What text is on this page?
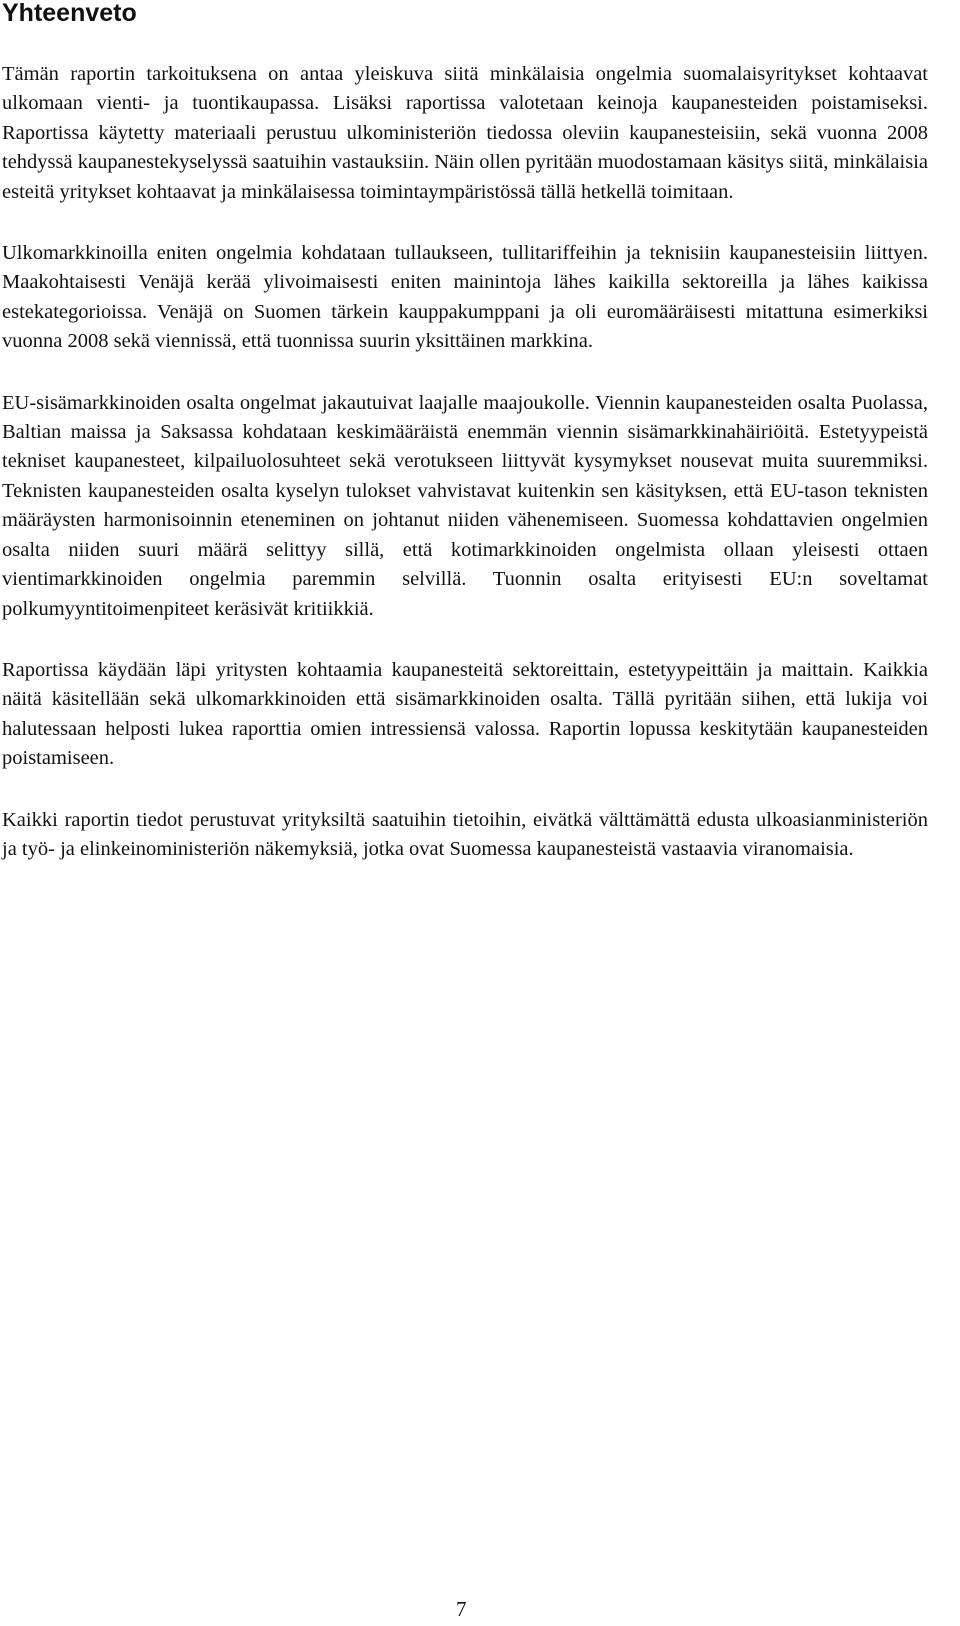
Yhteenveto

Tämän raportin tarkoituksena on antaa yleiskuva siitä minkälaisia ongelmia suomalaisyritykset kohtaavat ulkomaan vienti- ja tuontikaupassa. Lisäksi raportissa valotetaan keinoja kaupanesteiden poistamiseksi. Raportissa käytetty materiaali perustuu ulkoministeriön tiedossa oleviin kaupanesteisiin, sekä vuonna 2008 tehdyssä kaupanestekyselyssä saatuihin vastauksiin. Näin ollen pyritään muodostamaan käsitys siitä, minkälaisia esteitä yritykset kohtaavat ja minkälaisessa toimintaympäristössä tällä hetkellä toimitaan.

Ulkomarkkinoilla eniten ongelmia kohdataan tullaukseen, tullitariffeihin ja teknisiin kaupanesteisiin liittyen. Maakohtaisesti Venäjä kerää ylivoimaisesti eniten mainintoja lähes kaikilla sektoreilla ja lähes kaikissa estekategorioissa. Venäjä on Suomen tärkein kauppakumppani ja oli euromääräisesti mitattuna esimerkiksi vuonna 2008 sekä viennissä, että tuonnissa suurin yksittäinen markkina.

EU-sisämarkkinoiden osalta ongelmat jakautuivat laajalle maajoukolle. Viennin kaupanesteiden osalta Puolassa, Baltian maissa ja Saksassa kohdataan keskimääräistä enemmän viennin sisämarkkinahäiriöitä. Estetyypeistä tekniset kaupanesteet, kilpailuolosuhteet sekä verotukseen liittyvät kysymykset nousevat muita suuremmiksi. Teknisten kaupanesteiden osalta kyselyn tulokset vahvistavat kuitenkin sen käsityksen, että EU-tason teknisten määräysten harmonisoinnin eteneminen on johtanut niiden vähenemiseen. Suomessa kohdattavien ongelmien osalta niiden suuri määrä selittyy sillä, että kotimarkkinoiden ongelmista ollaan yleisesti ottaen vientimarkkinoiden ongelmia paremmin selvillä. Tuonnin osalta erityisesti EU:n soveltamat polkumyyntitoimenpiteet keräsivät kritiikkiä.

Raportissa käydään läpi yritysten kohtaamia kaupanesteitä sektoreittain, estetyypeittäin ja maittain. Kaikkia näitä käsitellään sekä ulkomarkkinoiden että sisämarkkinoiden osalta. Tällä pyritään siihen, että lukija voi halutessaan helposti lukea raporttia omien intressiensä valossa. Raportin lopussa keskitytään kaupanesteiden poistamiseen.

Kaikki raportin tiedot perustuvat yrityksiltä saatuihin tietoihin, eivätkä välttämättä edusta ulkoasianministeriön ja työ- ja elinkeinoministeriön näkemyksiä, jotka ovat Suomessa kaupanesteistä vastaavia viranomaisia.

7
